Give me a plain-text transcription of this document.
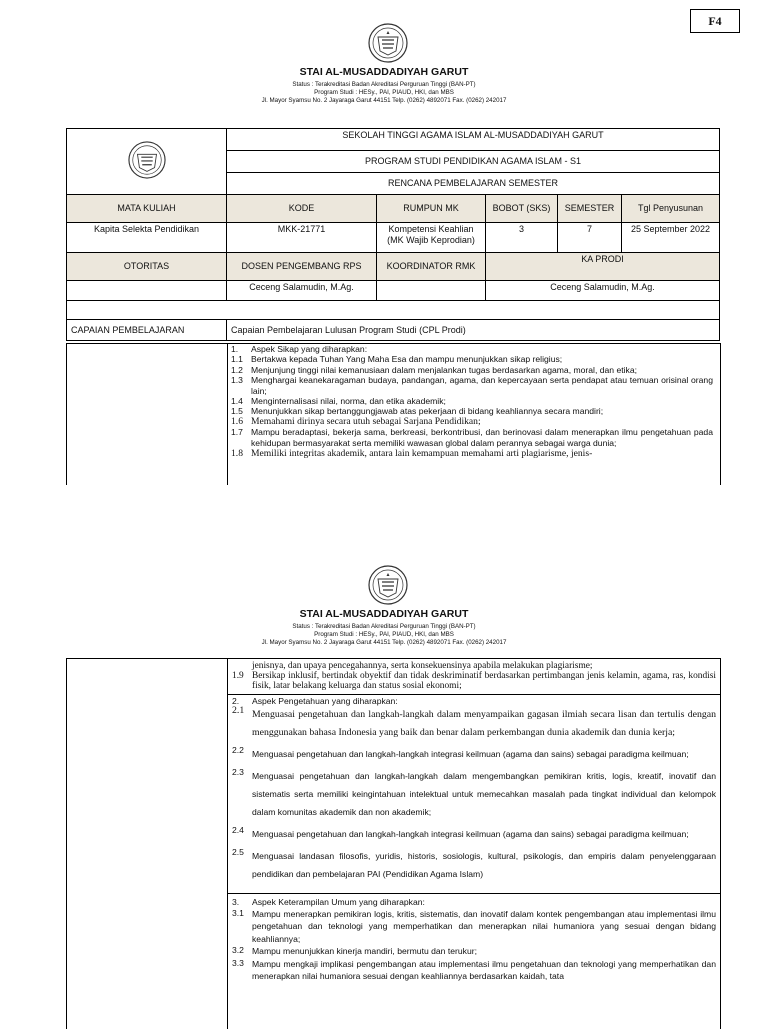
F4
STAI AL-MUSADDADIYAH GARUT
Status : Terakreditasi Badan Akreditasi Perguruan Tinggi (BAN-PT)
Program Studi : HESy., PAI, PIAUD, HKI, dan MBS
Jl. Mayor Syamsu No. 2 Jayaraga Garut 44151 Telp. (0262) 4892071 Fax. (0262) 242017
	SEKOLAH TINGGI AGAMA ISLAM AL-MUSADDADIYAH GARUT				
	PROGRAM STUDI PENDIDIKAN AGAMA ISLAM - S1				
	RENCANA PEMBELAJARAN SEMESTER				
MATA KULIAH	KODE	RUMPUN MK	BOBOT (SKS)	SEMESTER	Tgl Penyusunan
Kapita Selekta Pendidikan	MKK-21771	Kompetensi Keahlian (MK Wajib Keprodian)	3	7	25 September 2022
OTORITAS	DOSEN PENGEMBANG RPS	KOORDINATOR RMK	KA PRODI		
	Ceceng Salamudin, M.Ag.		Ceceng Salamudin, M.Ag.		

CAPAIAN PEMBELAJARAN	Capaian Pembelajaran Lulusan Program Studi (CPL Prodi)				
1.	Aspek Sikap yang diharapkan:
1.1 Bertakwa kepada Tuhan Yang Maha Esa dan mampu menunjukkan sikap religius;
1.2 Menjunjung tinggi nilai kemanusiaan dalam menjalankan tugas berdasarkan agama, moral, dan etika;
1.3 Menghargai keanekaragaman budaya, pandangan, agama, dan kepercayaan serta pendapat atau temuan orisinal orang lain;
1.4 Menginternalisasi nilai, norma, dan etika akademik;
1.5 Menunjukkan sikap bertanggungjawab atas pekerjaan di bidang keahliannya secara mandiri;
1.6 Memahami dirinya secara utuh sebagai Sarjana Pendidikan;
1.7 Mampu beradaptasi, bekerja sama, berkreasi, berkontribusi, dan berinovasi dalam menerapkan ilmu pengetahuan pada kehidupan bermasyarakat serta memiliki wawasan global dalam perannya sebagai warga dunia;
1.8 Memiliki integritas akademik, antara lain kemampuan memahami arti plagiarisme, jenis-
STAI AL-MUSADDADIYAH GARUT
Status : Terakreditasi Badan Akreditasi Perguruan Tinggi (BAN-PT)
Program Studi : HESy., PAI, PIAUD, HKI, dan MBS
Jl. Mayor Syamsu No. 2 Jayaraga Garut 44151 Telp. (0262) 4892071 Fax. (0262) 242017
jenisnya, dan upaya pencegahannya, serta konsekuensinya apabila melakukan plagiarisme;
1.9 Bersikap inklusif, bertindak obyektif dan tidak deskriminatif berdasarkan pertimbangan jenis kelamin, agama, ras, kondisi fisik, latar belakang keluarga dan status sosial ekonomi;
2.	Aspek Pengetahuan yang diharapkan:
2.1 Menguasai pengetahuan dan langkah-langkah dalam menyampaikan gagasan ilmiah secara lisan dan tertulis dengan menggunakan bahasa Indonesia yang baik dan benar dalam perkembangan dunia akademik dan dunia kerja;
2.2 Menguasai pengetahuan dan langkah-langkah integrasi keilmuan (agama dan sains) sebagai paradigma keilmuan;
2.3 Menguasai pengetahuan dan langkah-langkah dalam mengembangkan pemikiran kritis, logis, kreatif, inovatif dan sistematis serta memiliki keingintahuan intelektual untuk memecahkan masalah pada tingkat individual dan kelompok dalam komunitas akademik dan non akademik;
2.4 Menguasai pengetahuan dan langkah-langkah integrasi keilmuan (agama dan sains) sebagai paradigma keilmuan;
2.5 Menguasai landasan filosofis, yuridis, historis, sosiologis, kultural, psikologis, dan empiris dalam penyelenggaraan pendidikan dan pembelajaran PAI (Pendidikan Agama Islam)
3.	Aspek Keterampilan Umum yang diharapkan:
3.1 Mampu menerapkan pemikiran logis, kritis, sistematis, dan inovatif dalam kontek pengembangan atau implementasi ilmu pengetahuan dan teknologi yang memperhatikan dan menerapkan nilai humaniora yang sesuai dengan bidang keahliannya;
3.2 Mampu menunjukkan kinerja mandiri, bermutu dan terukur;
3.3 Mampu mengkaji implikasi pengembangan atau implementasi ilmu pengetahuan dan teknologi yang memperhatikan dan menerapkan nilai humaniora sesuai dengan keahliannya berdasarkan kaidah, tata
